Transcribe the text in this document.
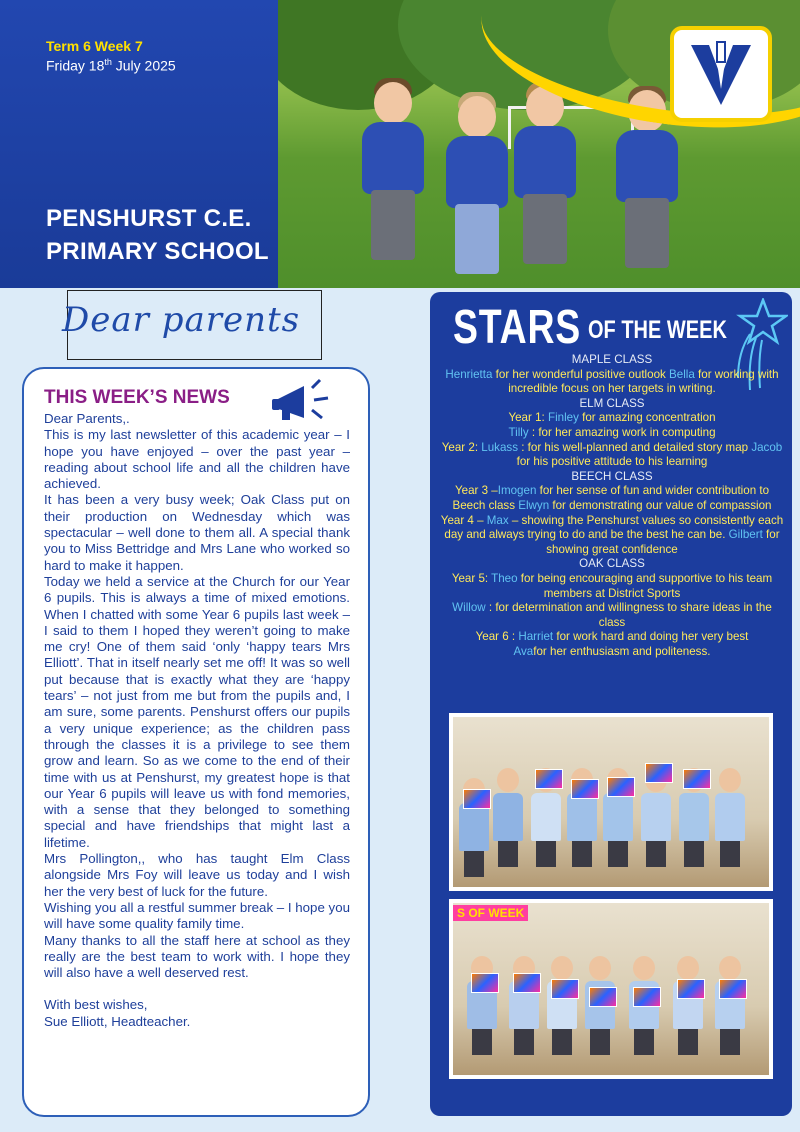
Term 6 Week 7
Friday 18th July 2025
PENSHURST C.E.
PRIMARY SCHOOL
Dear parents
THIS WEEK’S NEWS

Dear Parents,.

This is my last newsletter of this academic year – I hope you have enjoyed – over the past year – reading about school life and all the children have achieved.

It has been a very busy week; Oak Class put on their production on Wednesday which was spectacular – well done to them all. A special thank you to Miss Bettridge and Mrs Lane who worked so hard to make it happen.

Today we held a service at the Church for our Year 6 pupils. This is always a time of mixed emotions. When I chatted with some Year 6 pupils last week – I said to them I hoped they weren’t going to make me cry! One of them said ‘only ‘happy tears Mrs Elliott’. That in itself nearly set me off! It was so well put because that is exactly what they are ‘happy tears’ – not just from me but from the pupils and, I am sure, some parents. Penshurst offers our pupils a very unique experience; as the children pass through the classes it is a privilege to see them grow and learn. So as we come to the end of their time with us at Penshurst, my greatest hope is that our Year 6 pupils will leave us with fond memories, with a sense that they belonged to something special and have friendships that might last a lifetime.

Mrs Pollington,, who has taught Elm Class alongside Mrs Foy will leave us today and I wish her the very best of luck for the future.

Wishing you all a restful summer break – I hope you will have some quality family time.

Many thanks to all the staff here at school as they really are the best team to work with. I hope they will also have a well deserved rest.

With best wishes,

Sue Elliott, Headteacher.

STARS OF THE WEEK
MAPLE CLASS
Henrietta for her wonderful positive outlook Bella for working with incredible focus on her targets in writing.
ELM CLASS
Year 1: Finley for amazing concentration
Tilly : for her amazing work in computing
Year 2: Lukass : for his well-planned and detailed story map Jacob for his positive attitude to his learning
BEECH CLASS
Year 3 –Imogen for her sense of fun and wider contribution to Beech class Elwyn for demonstrating our value of compassion
Year 4 – Max – showing the Penshurst values so consistently each day and always trying to do and be the best he can be. Gilbert for showing great confidence
OAK CLASS
Year 5: Theo for being encouraging and supportive to his team members at District Sports
Willow : for determination and willingness to share ideas in the class
Year 6 : Harriet for work hard and doing her very best
Avafor her enthusiasm and politeness.
S OF WEEK
